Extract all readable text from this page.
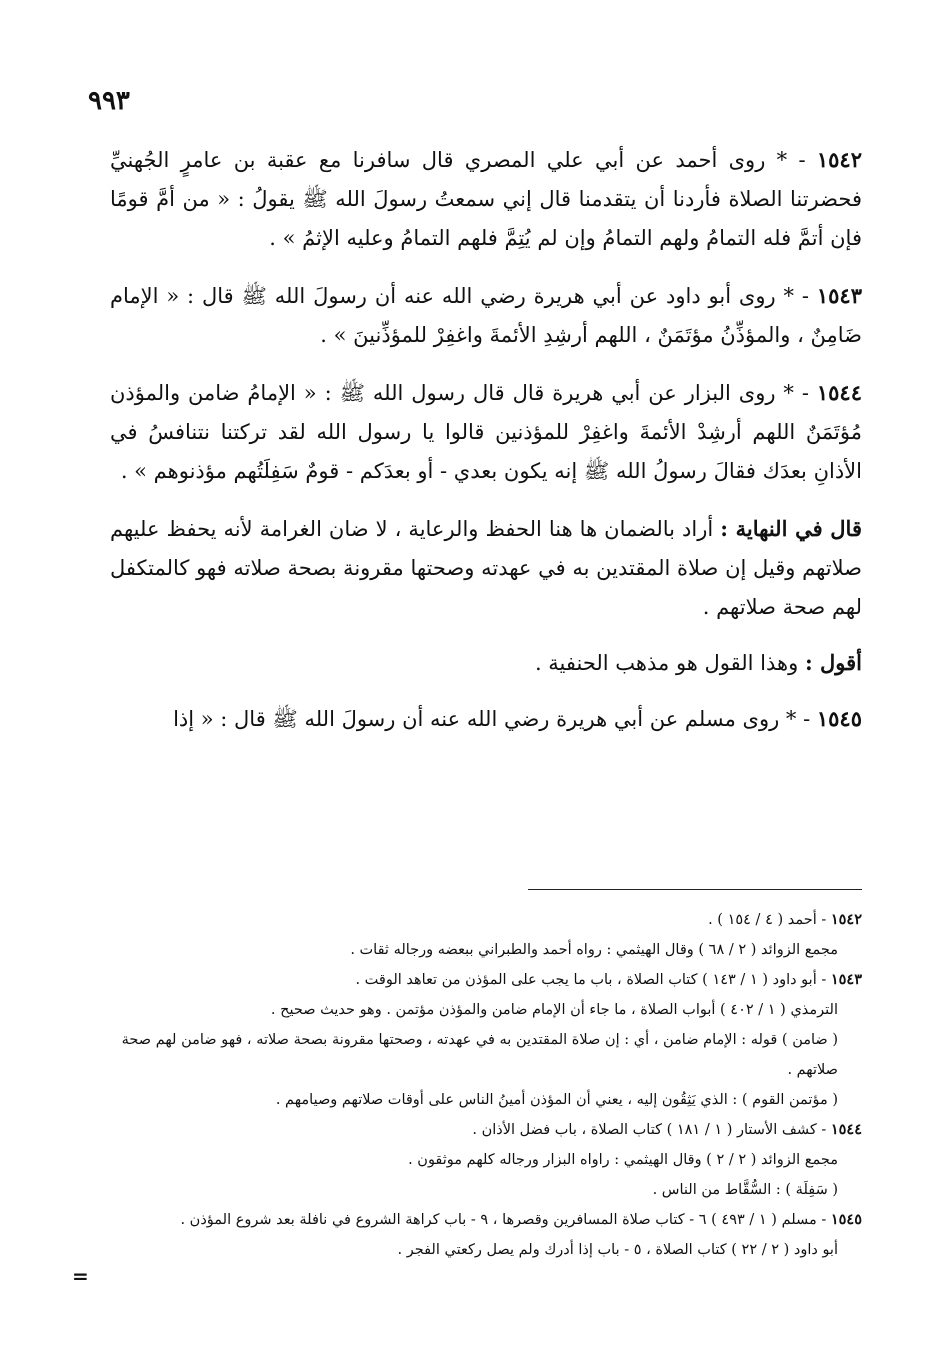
٩٩٣

١٥٤٢ - * روى أحمد عن أبي علي المصري قال سافرنا مع عقبة بن عامرٍ الجُهنيِّ فحضرتنا الصلاة فأردنا أن يتقدمنا قال إني سمعتُ رسولَ الله ﷺ يقولُ : « من أمَّ قومًا فإن أتمَّ فله التمامُ ولهم التمامُ وإن لم يُتِمَّ فلهم التمامُ وعليه الإثمُ » .

١٥٤٣ - * روى أبو داود عن أبي هريرة رضي الله عنه أن رسولَ الله ﷺ قال : « الإمام ضَامِنٌ ، والمؤذِّنُ مؤتَمَنٌ ، اللهم أرشِدِ الأئمةَ واغفِرْ للمؤذِّنينَ » .

١٥٤٤ - * روى البزار عن أبي هريرة قال قال رسول الله ﷺ : « الإمامُ ضامن والمؤذن مُؤتَمَنٌ اللهم أرشِدْ الأئمةَ واغفِرْ للمؤذنين قالوا يا رسول الله لقد تركتنا نتنافسُ في الأذانِ بعدَك فقالَ رسولُ الله ﷺ إنه يكون بعدي - أو بعدَكم - قومٌ سَفِلَتُهم مؤذنوهم » .

قال في النهاية : أراد بالضمان ها هنا الحفظ والرعاية ، لا ضان الغرامة لأنه يحفظ عليهم صلاتهم وقيل إن صلاة المقتدين به في عهدته وصحتها مقرونة بصحة صلاته فهو كالمتكفل لهم صحة صلاتهم .

أقول : وهذا القول هو مذهب الحنفية .

١٥٤٥ - * روى مسلم عن أبي هريرة رضي الله عنه أن رسولَ الله ﷺ قال : « إذا

١٥٤٢ - أحمد ( ٤ / ١٥٤ ) .
مجمع الزوائد ( ٢ / ٦٨ ) وقال الهيثمي : رواه أحمد والطبراني ببعضه ورجاله ثقات .
١٥٤٣ - أبو داود ( ١ / ١٤٣ ) كتاب الصلاة ، باب ما يجب على المؤذن من تعاهد الوقت .
الترمذي ( ١ / ٤٠٢ ) أبواب الصلاة ، ما جاء أن الإمام ضامن والمؤذن مؤتمن . وهو حديث صحيح .
( ضامن ) قوله : الإمام ضامن ، أي : إن صلاة المقتدين به في عهدته ، وصحتها مقرونة بصحة صلاته ، فهو ضامن لهم صحة صلاتهم .
( مؤتمن القوم ) : الذي يَثِقُون إليه ، يعني أن المؤذن أمينُ الناس على أوقات صلاتهم وصيامهم .
١٥٤٤ - كشف الأستار ( ١ / ١٨١ ) كتاب الصلاة ، باب فضل الأذان .
مجمع الزوائد ( ٢ / ٢ ) وقال الهيثمي : راواه البزار ورجاله كلهم موثقون .
( سَفِلَة ) : السُّقَّاط من الناس .
١٥٤٥ - مسلم ( ١ / ٤٩٣ ) ٦ - كتاب صلاة المسافرين وقصرها ، ٩ - باب كراهة الشروع في نافلة بعد شروع المؤذن .
أبو داود ( ٢ / ٢٢ ) كتاب الصلاة ، ٥ - باب إذا أدرك ولم يصل ركعتي الفجر .
=
